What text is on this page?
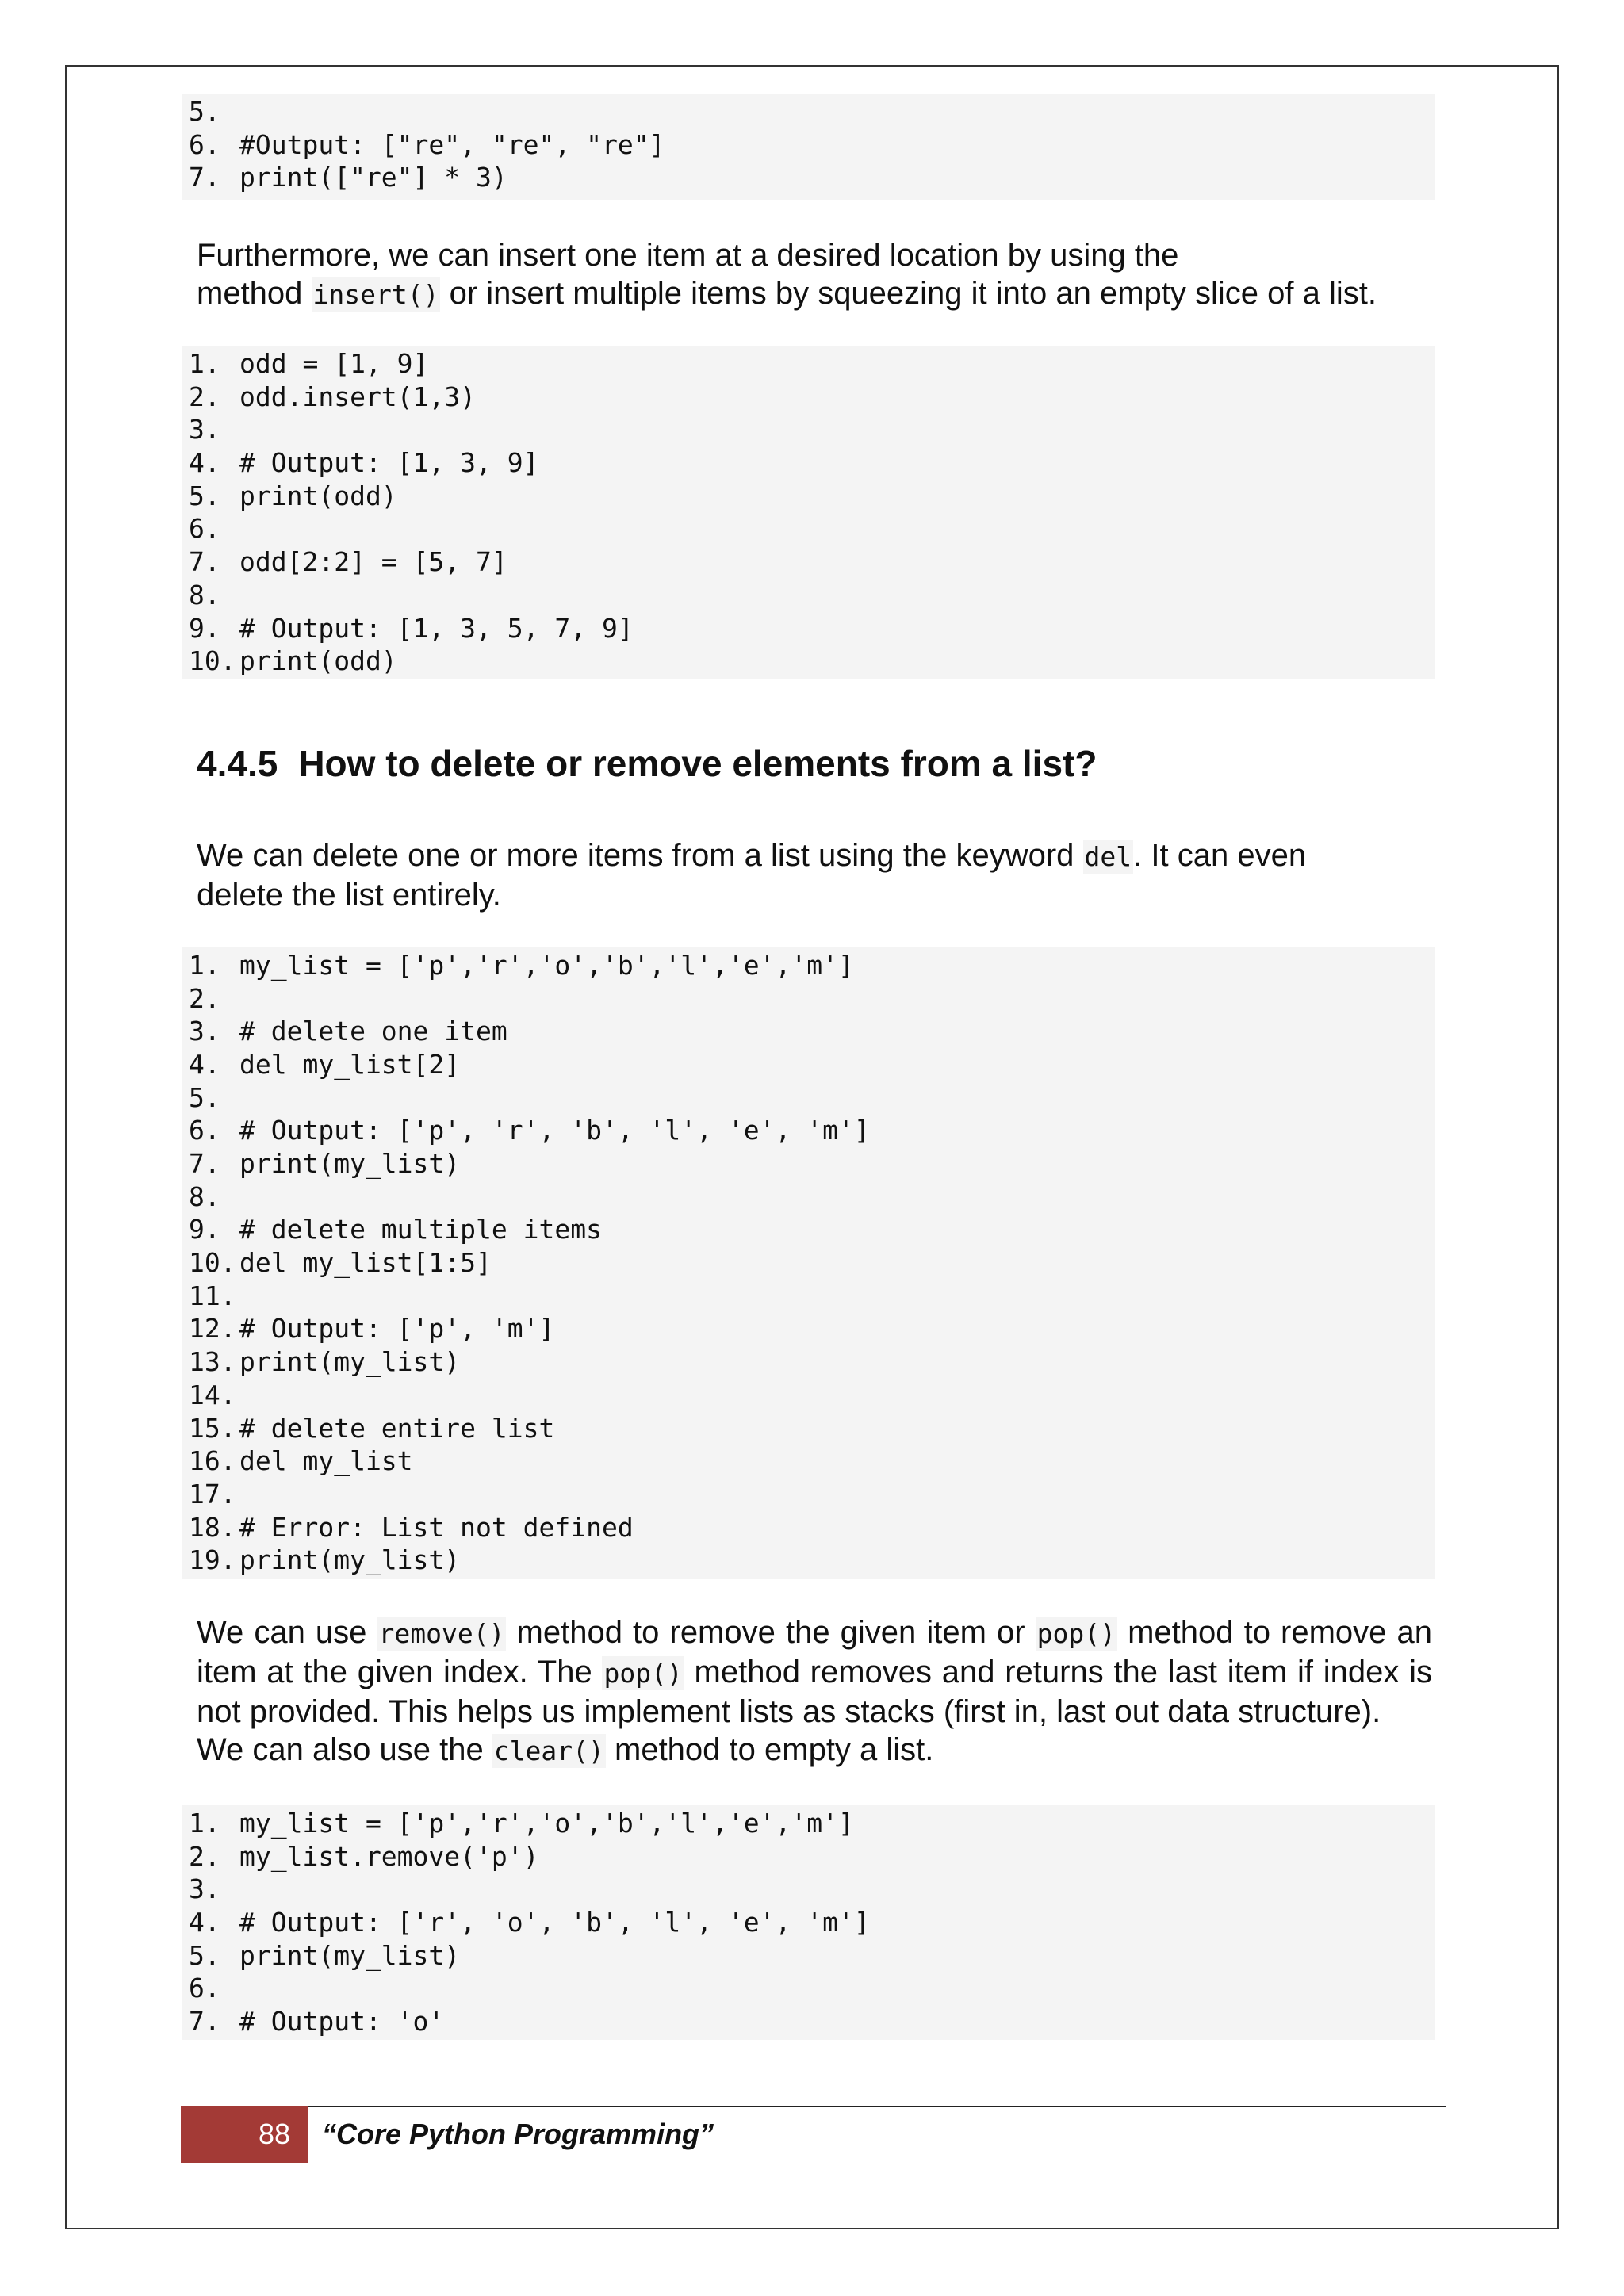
5.
6. #Output: ["re", "re", "re"]
7. print(["re"] * 3)

Furthermore, we can insert one item at a desired location by using the
method insert() or insert multiple items by squeezing it into an empty slice of a list.

1. odd = [1, 9]
2. odd.insert(1,3)
3.
4. # Output: [1, 3, 9]
5. print(odd)
6.
7. odd[2:2] = [5, 7]
8.
9. # Output: [1, 3, 5, 7, 9]
10. print(odd)
4.4.5 How to delete or remove elements from a list?

We can delete one or more items from a list using the keyword del. It can even
delete the list entirely.

1. my_list = ['p','r','o','b','l','e','m']
2.
3. # delete one item
4. del my_list[2]
5.
6. # Output: ['p', 'r', 'b', 'l', 'e', 'm']
7. print(my_list)
8.
9. # delete multiple items
10. del my_list[1:5]
11.
12. # Output: ['p', 'm']
13. print(my_list)
14.
15. # delete entire list
16. del my_list
17.
18. # Error: List not defined
19. print(my_list)

We can use remove() method to remove the given item or pop() method to remove an item at the given index. The pop() method removes and returns the last item if index is not provided. This helps us implement lists as stacks (first in, last out data structure).

We can also use the clear() method to empty a list.

1. my_list = ['p','r','o','b','l','e','m']
2. my_list.remove('p')
3.
4. # Output: ['r', 'o', 'b', 'l', 'e', 'm']
5. print(my_list)
6.
7. # Output: 'o'
88	“Core Python Programming”
